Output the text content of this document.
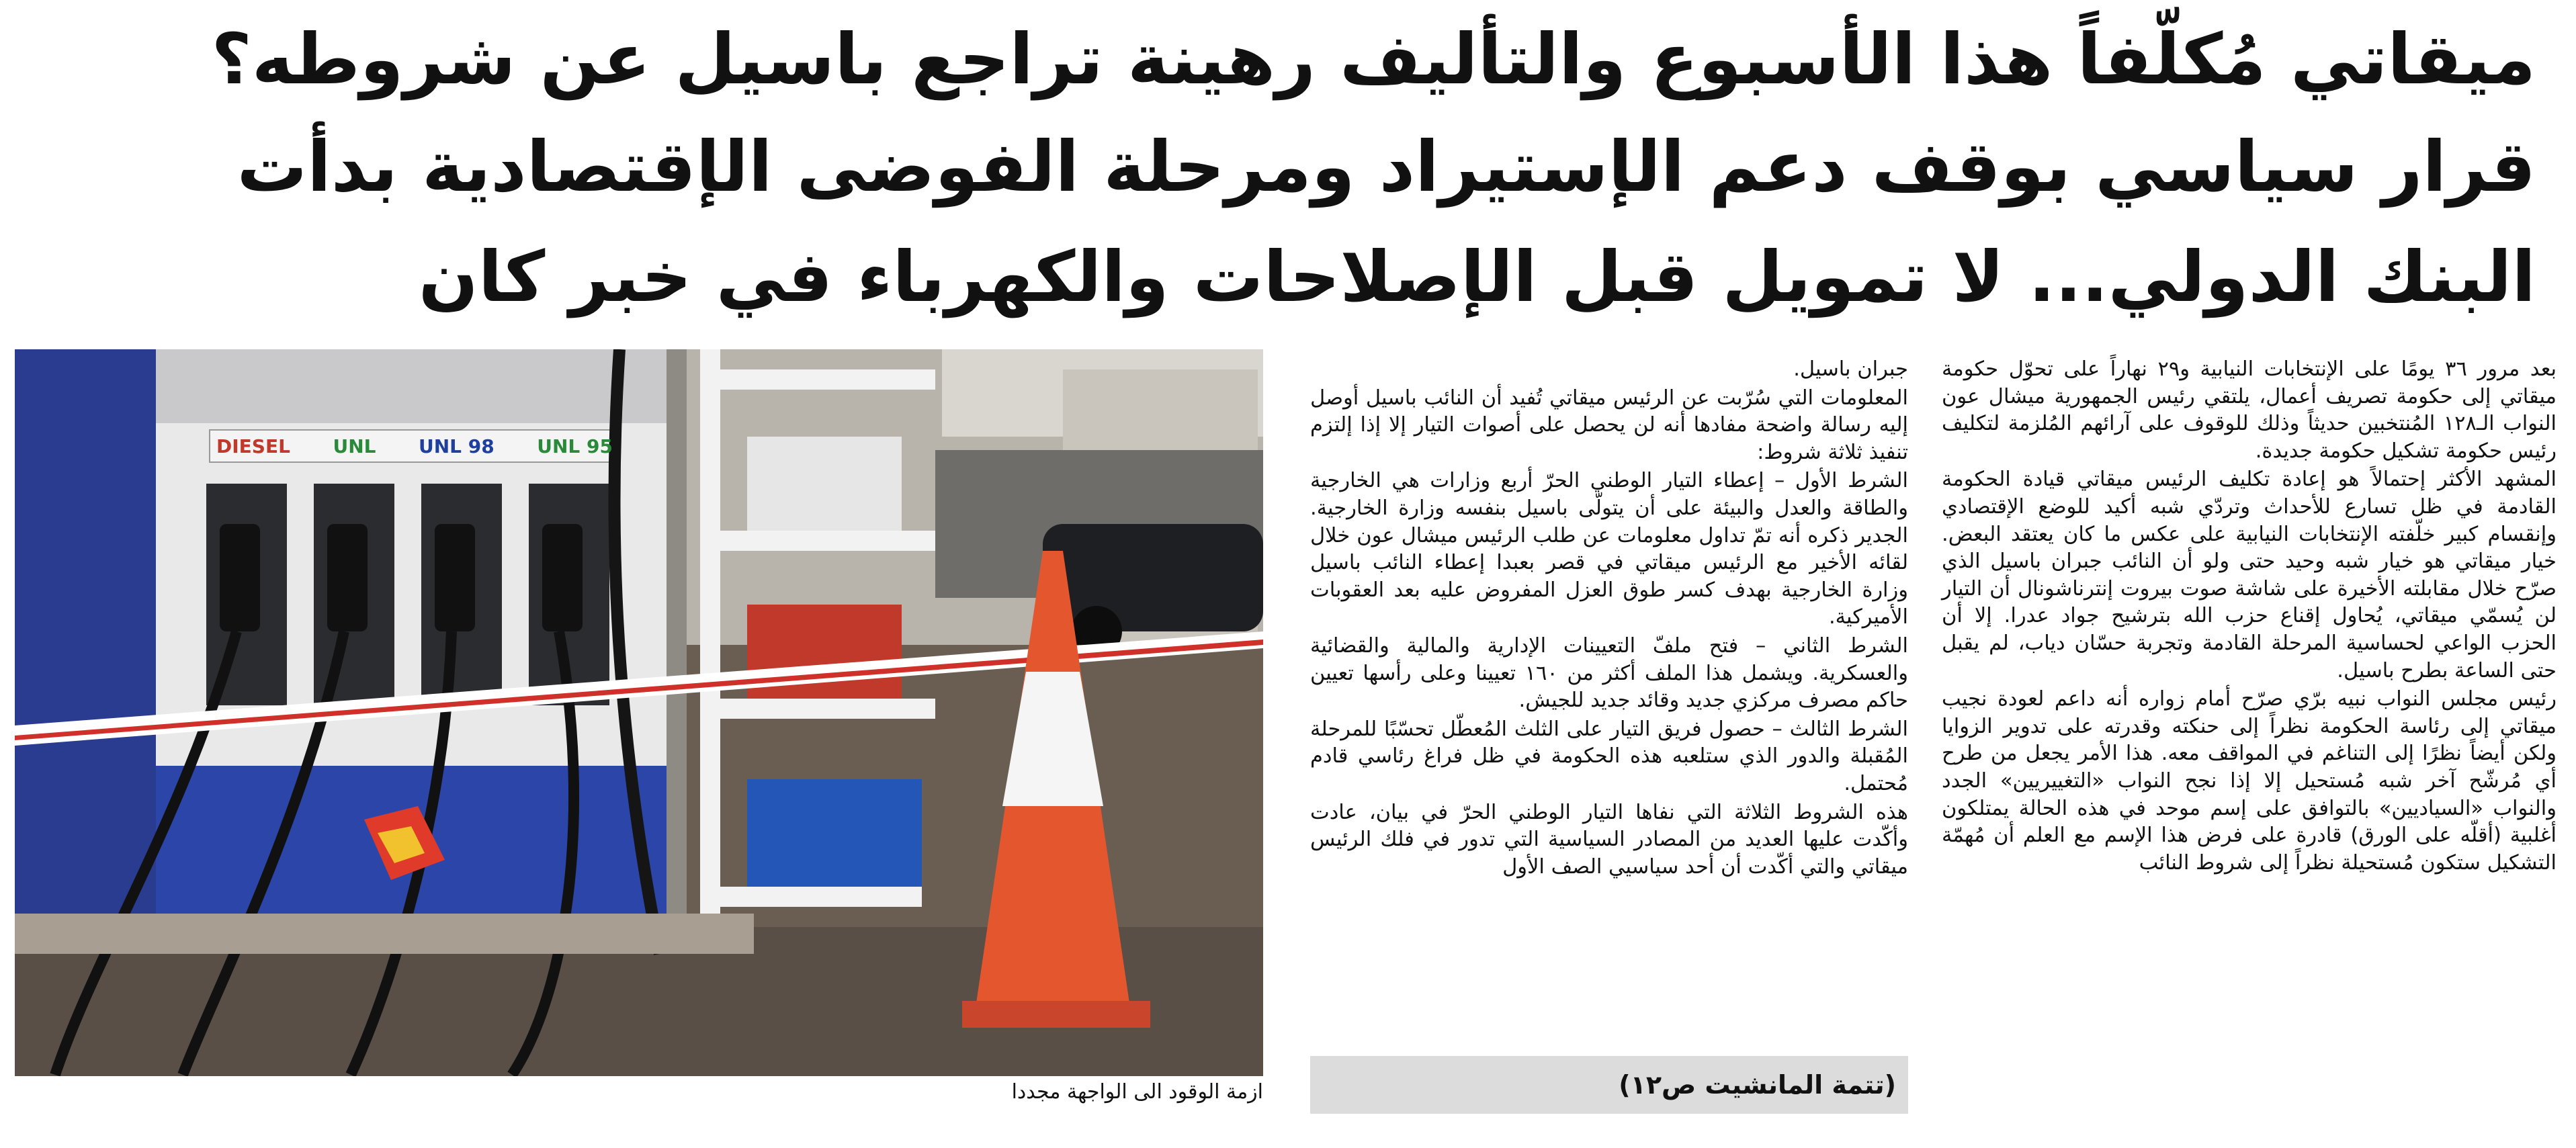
ميقاتي مُكلّفاً هذا الأسبوع والتأليف رهينة تراجع باسيل عن شروطه؟
قرار سياسي بوقف دعم الإستيراد ومرحلة الفوضى الإقتصادية بدأت
البنك الدولي... لا تمويل قبل الإصلاحات والكهرباء في خبر كان
DIESEL UNL UNL 98 UNL 95
ازمة الوقود الى الواجهة مجددا

بعد مرور ٣٦ يومًا على الإنتخابات النيابية و٢٩ نهاراً على تحوّل حكومة ميقاتي إلى حكومة تصريف أعمال، يلتقي رئيس الجمهورية ميشال عون النواب الـ١٢٨ المُنتخبين حديثاً وذلك للوقوف على آرائهم المُلزمة لتكليف رئيس حكومة تشكيل حكومة جديدة.

المشهد الأكثر إحتمالاً هو إعادة تكليف الرئيس ميقاتي قيادة الحكومة القادمة في ظل تسارع للأحداث وتردّي شبه أكيد للوضع الإقتصادي وإنقسام كبير خلّفته الإنتخابات النيابية على عكس ما كان يعتقد البعض. خيار ميقاتي هو خيار شبه وحيد حتى ولو أن النائب جبران باسيل الذي صرّح خلال مقابلته الأخيرة على شاشة صوت بيروت إنترناشونال أن التيار لن يُسمّي ميقاتي، يُحاول إقناع حزب الله بترشيح جواد عدرا. إلا أن الحزب الواعي لحساسية المرحلة القادمة وتجربة حسّان دياب، لم يقبل حتى الساعة بطرح باسيل.

رئيس مجلس النواب نبيه برّي صرّح أمام زواره أنه داعم لعودة نجيب ميقاتي إلى رئاسة الحكومة نظراً إلى حنكته وقدرته على تدوير الزوايا ولكن أيضاً نظرًا إلى التناغم في المواقف معه. هذا الأمر يجعل من طرح أي مُرشّح آخر شبه مُستحيل إلا إذا نجح النواب «التغييريين» الجدد والنواب «السياديين» بالتوافق على إسم موحد في هذه الحالة يمتلكون أغلبية (أقلّه على الورق) قادرة على فرض هذا الإسم مع العلم أن مُهمّة التشكيل ستكون مُستحيلة نظراً إلى شروط النائب

جبران باسيل.

المعلومات التي سُرّبت عن الرئيس ميقاتي تُفيد أن النائب باسيل أوصل إليه رسالة واضحة مفادها أنه لن يحصل على أصوات التيار إلا إذا إلتزم تنفيذ ثلاثة شروط:

الشرط الأول – إعطاء التيار الوطني الحرّ أربع وزارات هي الخارجية والطاقة والعدل والبيئة على أن يتولّى باسيل بنفسه وزارة الخارجية. الجدير ذكره أنه تمّ تداول معلومات عن طلب الرئيس ميشال عون خلال لقائه الأخير مع الرئيس ميقاتي في قصر بعبدا إعطاء النائب باسيل وزارة الخارجية بهدف كسر طوق العزل المفروض عليه بعد العقوبات الأميركية.

الشرط الثاني – فتح ملفّ التعيينات الإدارية والمالية والقضائية والعسكرية. ويشمل هذا الملف أكثر من ١٦٠ تعيينا وعلى رأسها تعيين حاكم مصرف مركزي جديد وقائد جديد للجيش.

الشرط الثالث – حصول فريق التيار على الثلث المُعطّل تحسّبًا للمرحلة المُقبلة والدور الذي ستلعبه هذه الحكومة في ظل فراغ رئاسي قادم مُحتمل.

هذه الشروط الثلاثة التي نفاها التيار الوطني الحرّ في بيان، عادت وأكّدت عليها العديد من المصادر السياسية التي تدور في فلك الرئيس ميقاتي والتي أكّدت أن أحد سياسيي الصف الأول

(تتمة المانشيت ص١٢)
